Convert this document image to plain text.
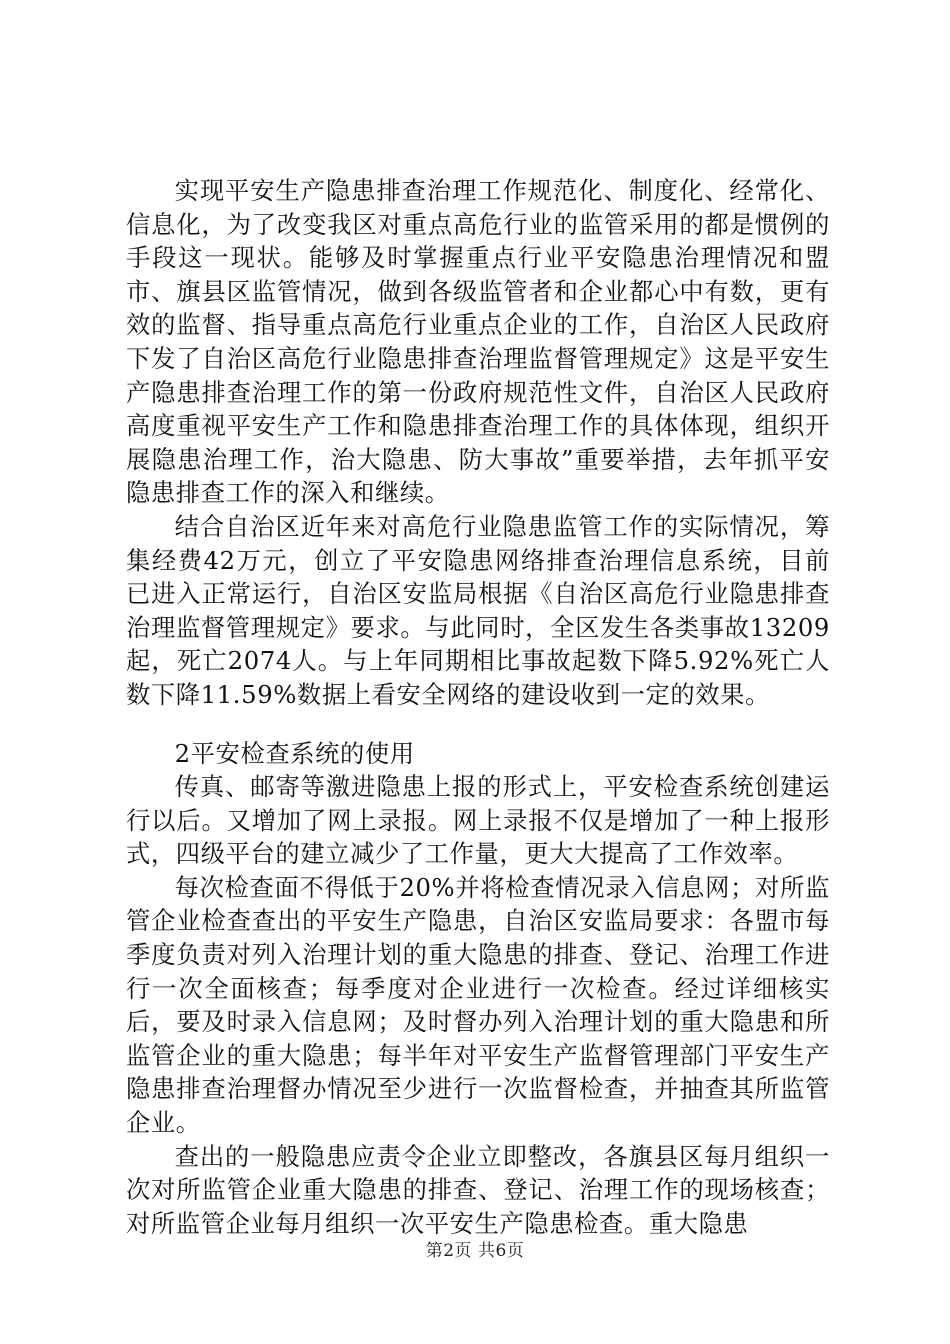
实现平安生产隐患排查治理工作规范化、制度化、经常化、信息化，为了改变我区对重点高危行业的监管采用的都是惯例的手段这一现状。能够及时掌握重点行业平安隐患治理情况和盟市、旗县区监管情况，做到各级监管者和企业都心中有数，更有效的监督、指导重点高危行业重点企业的工作，自治区人民政府下发了自治区高危行业隐患排查治理监督管理规定》这是平安生产隐患排查治理工作的第一份政府规范性文件，自治区人民政府高度重视平安生产工作和隐患排查治理工作的具体体现，组织开展隐患治理工作，治大隐患、防大事故”重要举措，去年抓平安隐患排查工作的深入和继续。

结合自治区近年来对高危行业隐患监管工作的实际情况，筹集经费42万元，创立了平安隐患网络排查治理信息系统，目前已进入正常运行，自治区安监局根据《自治区高危行业隐患排查治理监督管理规定》要求。与此同时，全区发生各类事故13209起，死亡2074人。与上年同期相比事故起数下降5.92%死亡人数下降11.59%数据上看安全网络的建设收到一定的效果。

2平安检查系统的使用

传真、邮寄等激进隐患上报的形式上，平安检查系统创建运行以后。又增加了网上录报。网上录报不仅是增加了一种上报形式，四级平台的建立减少了工作量，更大大提高了工作效率。

每次检查面不得低于20%并将检查情况录入信息网；对所监管企业检查查出的平安生产隐患，自治区安监局要求：各盟市每季度负责对列入治理计划的重大隐患的排查、登记、治理工作进行一次全面核查；每季度对企业进行一次检查。经过详细核实后，要及时录入信息网；及时督办列入治理计划的重大隐患和所监管企业的重大隐患；每半年对平安生产监督管理部门平安生产隐患排查治理督办情况至少进行一次监督检查，并抽查其所监管企业。

查出的一般隐患应责令企业立即整改，各旗县区每月组织一次对所监管企业重大隐患的排查、登记、治理工作的现场核查；对所监管企业每月组织一次平安生产隐患检查。重大隐患

第2页 共6页
